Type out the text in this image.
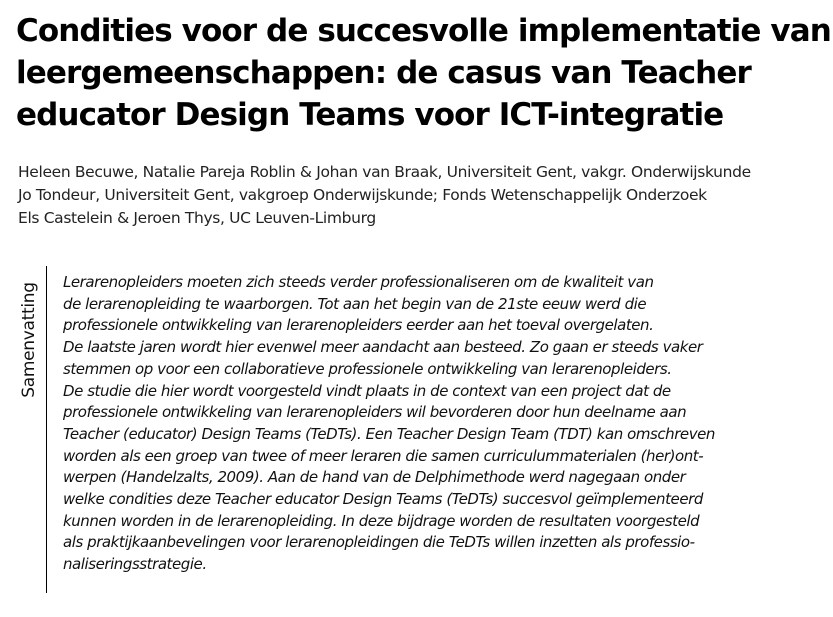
Condities voor de succesvolle implementatie van
leergemeenschappen: de casus van Teacher
educator Design Teams voor ICT-integratie
Heleen Becuwe, Natalie Pareja Roblin & Johan van Braak, Universiteit Gent, vakgr. Onderwijskunde
Jo Tondeur, Universiteit Gent, vakgroep Onderwijskunde; Fonds Wetenschappelijk Onderzoek
Els Castelein & Jeroen Thys, UC Leuven-Limburg
Samenvatting
Lerarenopleiders moeten zich steeds verder professionaliseren om de kwaliteit van
de lerarenopleiding te waarborgen. Tot aan het begin van de 21ste eeuw werd die
professionele ontwikkeling van lerarenopleiders eerder aan het toeval overgelaten.
De laatste jaren wordt hier evenwel meer aandacht aan besteed. Zo gaan er steeds vaker
stemmen op voor een collaboratieve professionele ontwikkeling van lerarenopleiders.
De studie die hier wordt voorgesteld vindt plaats in de context van een project dat de
professionele ontwikkeling van lerarenopleiders wil bevorderen door hun deelname aan
Teacher (educator) Design Teams (TeDTs). Een Teacher Design Team (TDT) kan omschreven
worden als een groep van twee of meer leraren die samen curriculummaterialen (her)ont-
werpen (Handelzalts, 2009). Aan de hand van de Delphimethode werd nagegaan onder
welke condities deze Teacher educator Design Teams (TeDTs) succesvol geïmplementeerd
kunnen worden in de lerarenopleiding. In deze bijdrage worden de resultaten voorgesteld
als praktijkaanbevelingen voor lerarenopleidingen die TeDTs willen inzetten als professio-
naliseringsstrategie.
